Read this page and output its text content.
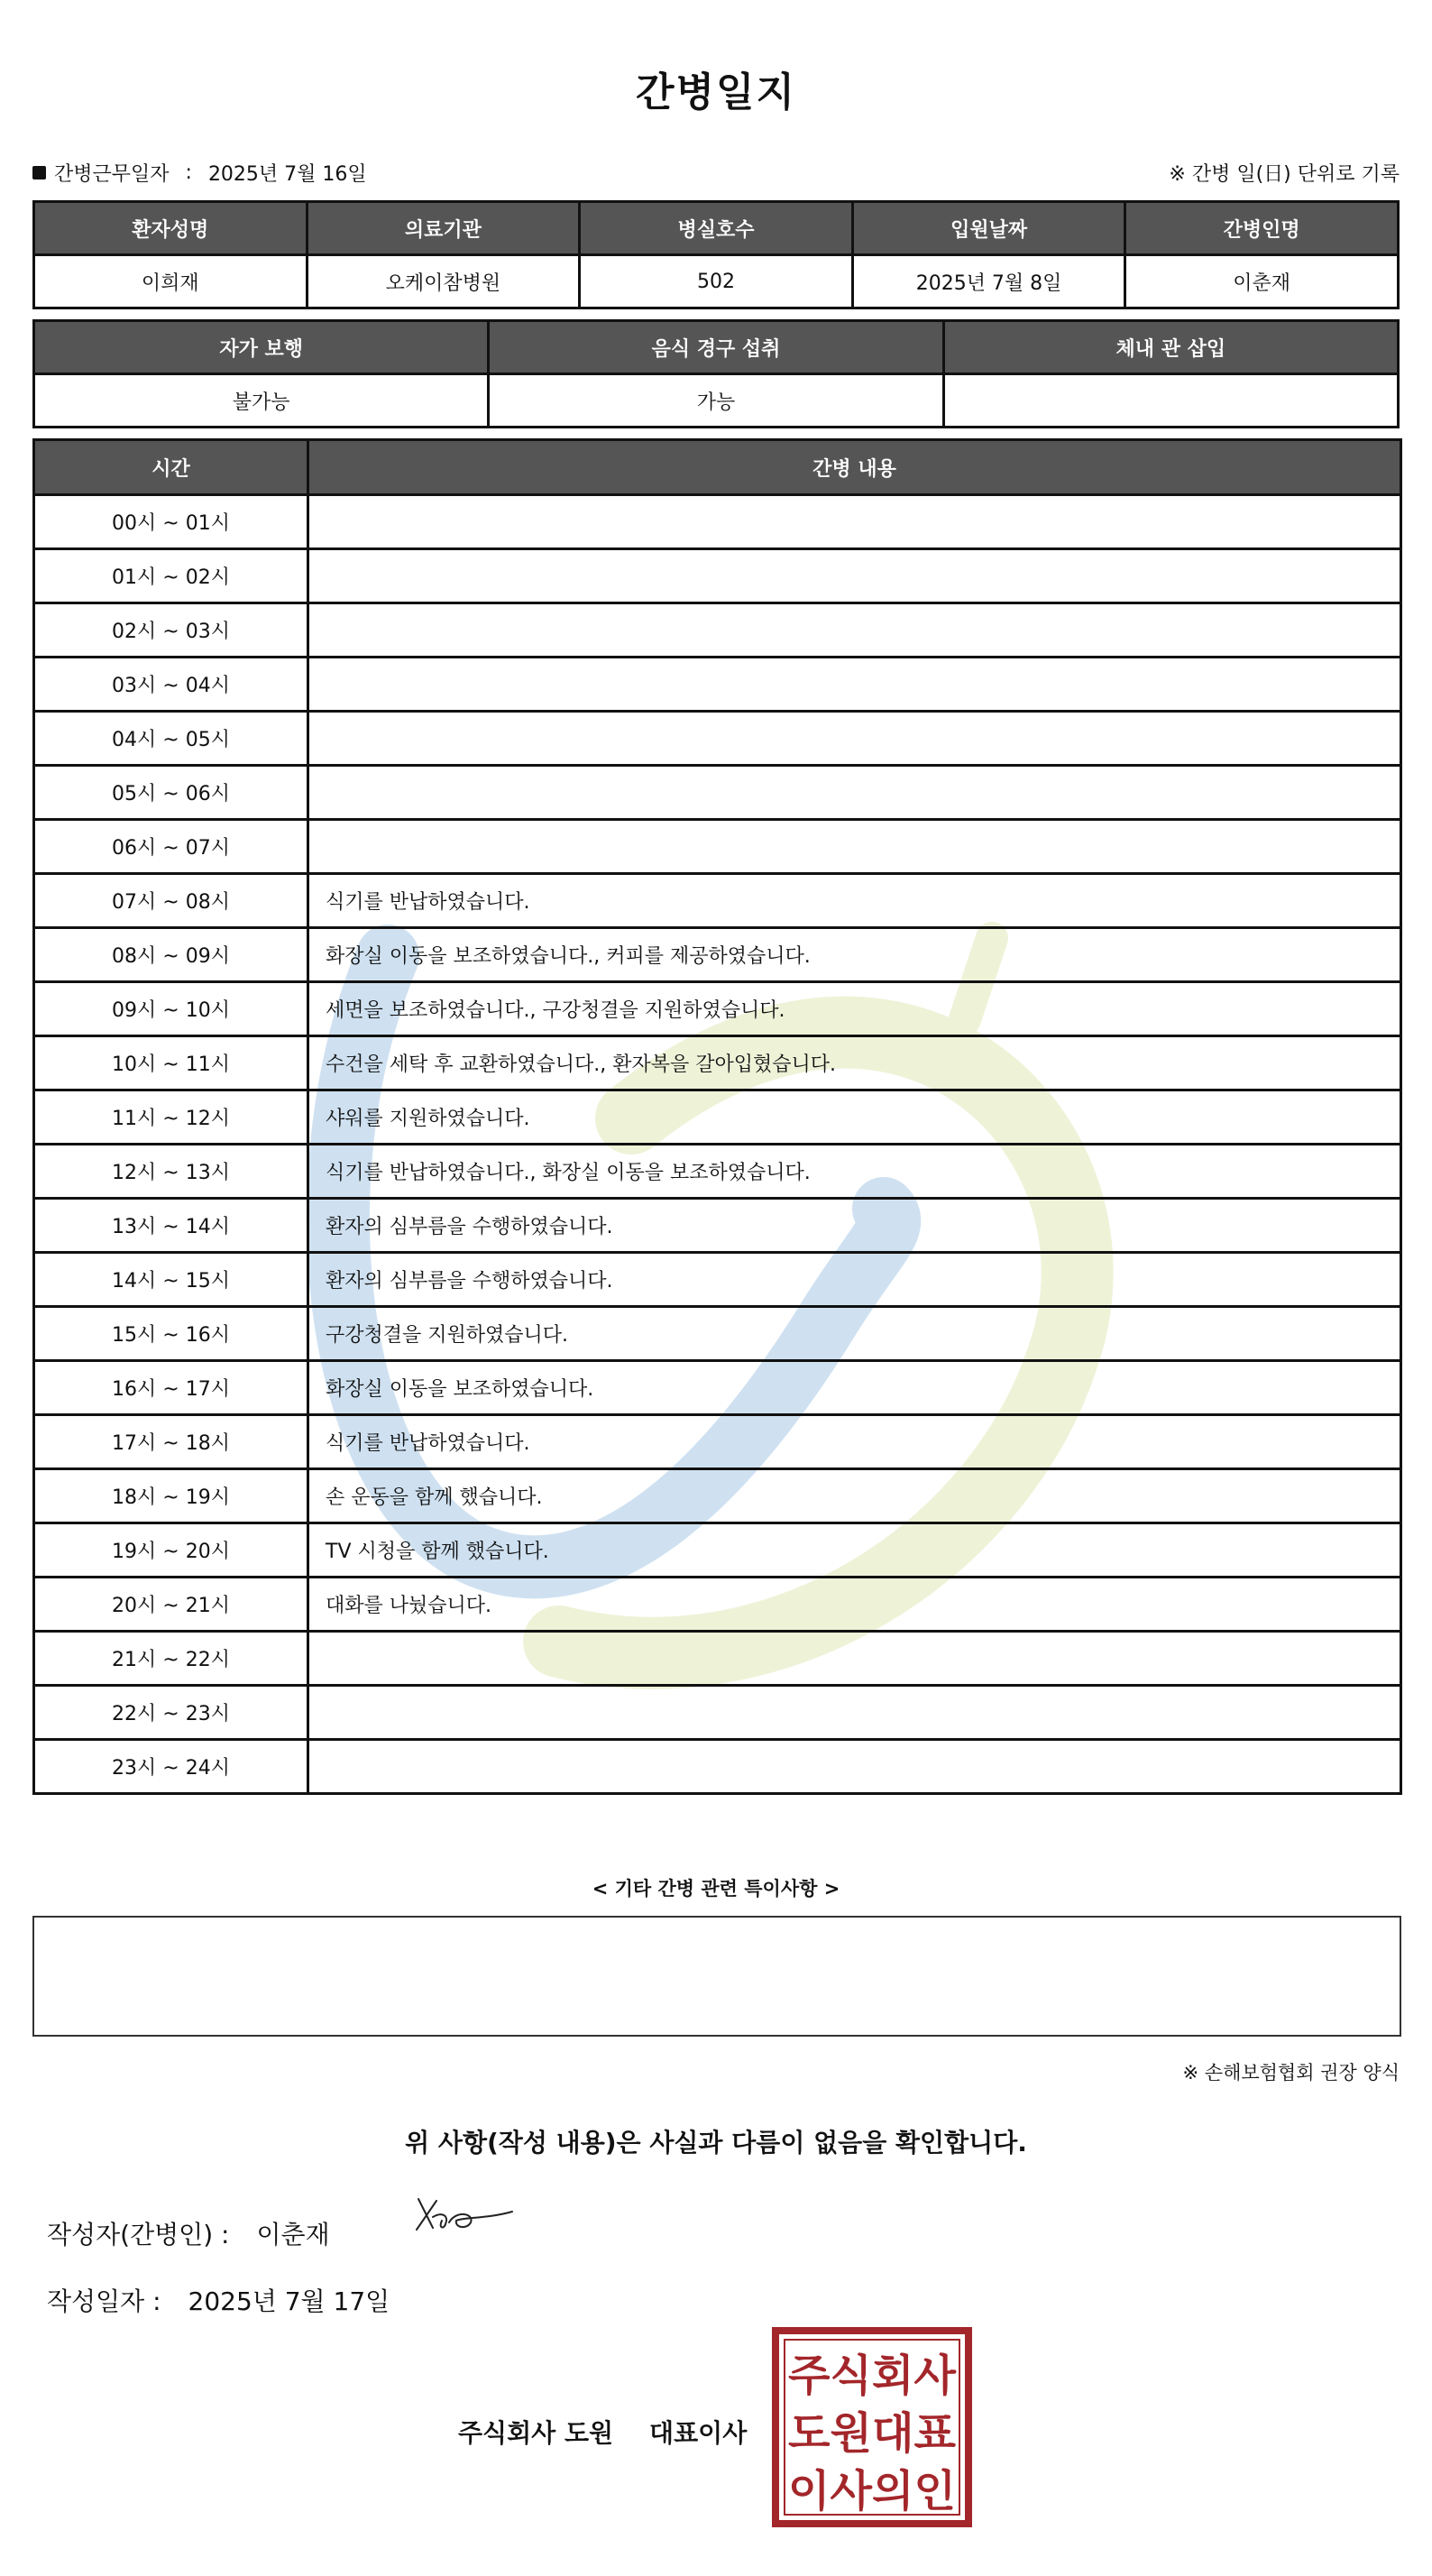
간병일지
간병근무일자 : 2025년 7월 16일	※ 간병 일(日) 단위로 기록
환자성명	의료기관	병실호수	입원날짜	간병인명
이희재	오케이참병원	502	2025년 7월 8일	이춘재
자가 보행	음식 경구 섭취	체내 관 삽입
불가능	가능	
시간	간병 내용
00시 ~ 01시	
01시 ~ 02시	
02시 ~ 03시	
03시 ~ 04시	
04시 ~ 05시	
05시 ~ 06시	
06시 ~ 07시	
07시 ~ 08시	식기를 반납하였습니다.
08시 ~ 09시	화장실 이동을 보조하였습니다., 커피를 제공하였습니다.
09시 ~ 10시	세면을 보조하였습니다., 구강청결을 지원하였습니다.
10시 ~ 11시	수건을 세탁 후 교환하였습니다., 환자복을 갈아입혔습니다.
11시 ~ 12시	샤워를 지원하였습니다.
12시 ~ 13시	식기를 반납하였습니다., 화장실 이동을 보조하였습니다.
13시 ~ 14시	환자의 심부름을 수행하였습니다.
14시 ~ 15시	환자의 심부름을 수행하였습니다.
15시 ~ 16시	구강청결을 지원하였습니다.
16시 ~ 17시	화장실 이동을 보조하였습니다.
17시 ~ 18시	식기를 반납하였습니다.
18시 ~ 19시	손 운동을 함께 했습니다.
19시 ~ 20시	TV 시청을 함께 했습니다.
20시 ~ 21시	대화를 나눴습니다.
21시 ~ 22시	
22시 ~ 23시	
23시 ~ 24시	
< 기타 간병 관련 특이사항 >
※ 손해보험협회 권장 양식
위 사항(작성 내용)은 사실과 다름이 없음을 확인합니다.
작성자(간병인) : 이춘재
작성일자 : 2025년 7월 17일
주식회사 도원 대표이사
주식회사
도원대표
이사의인
